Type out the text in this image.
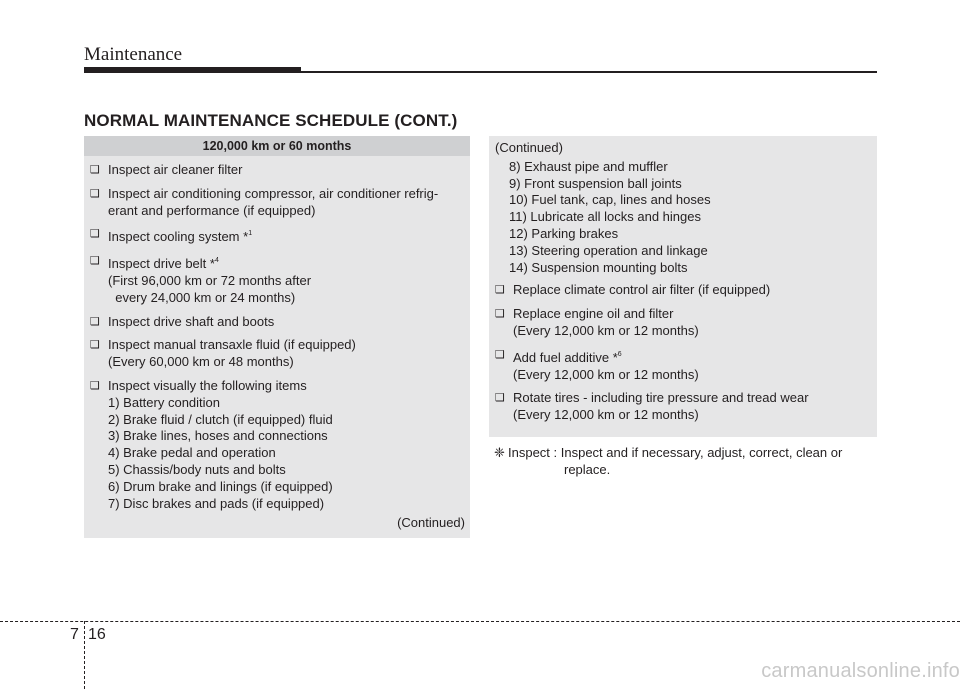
Maintenance
NORMAL MAINTENANCE SCHEDULE (CONT.)
120,000 km or 60 months
❑ Inspect air cleaner filter
❑ Inspect air conditioning compressor, air conditioner refrig-
erant and performance (if equipped)
❑ Inspect cooling system *$^1$
❑ Inspect drive belt *$^4$
(First 96,000 km or 72 months after
every 24,000 km or 24 months)
❑ Inspect drive shaft and boots
❑ Inspect manual transaxle fluid (if equipped)
(Every 60,000 km or 48 months)
❑ Inspect visually the following items
1) Battery condition
2) Brake fluid / clutch (if equipped) fluid
3) Brake lines, hoses and connections
4) Brake pedal and operation
5) Chassis/body nuts and bolts
6) Drum brake and linings (if equipped)
7) Disc brakes and pads (if equipped)
(Continued)
(Continued)
8) Exhaust pipe and muffler
9) Front suspension ball joints
10) Fuel tank, cap, lines and hoses
11) Lubricate all locks and hinges
12) Parking brakes
13) Steering operation and linkage
14) Suspension mounting bolts
❑ Replace climate control air filter (if equipped)
❑ Replace engine oil and filter
(Every 12,000 km or 12 months)
❑ Add fuel additive *$^6$
(Every 12,000 km or 12 months)
❑ Rotate tires - including tire pressure and tread wear
(Every 12,000 km or 12 months)
❈ Inspect : Inspect and if necessary, adjust, correct, clean or
replace.
7 16
carmanualsonline.info
